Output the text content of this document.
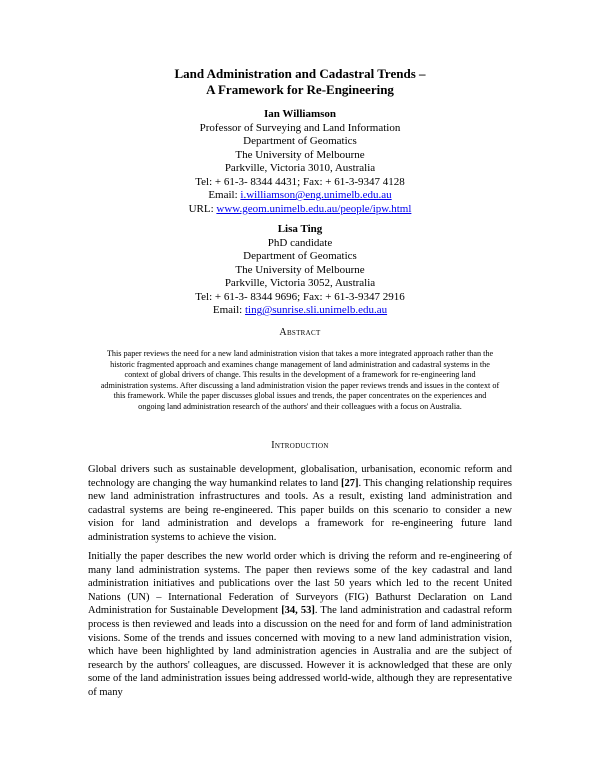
Land Administration and Cadastral Trends –
A Framework for Re-Engineering
Ian Williamson
Professor of Surveying and Land Information
Department of Geomatics
The University of Melbourne
Parkville, Victoria 3010, Australia
Tel: + 61-3- 8344 4431; Fax: + 61-3-9347 4128
Email: i.williamson@eng.unimelb.edu.au
URL: www.geom.unimelb.edu.au/people/ipw.html
Lisa Ting
PhD candidate
Department of Geomatics
The University of Melbourne
Parkville, Victoria 3052, Australia
Tel: + 61-3- 8344 9696; Fax: + 61-3-9347 2916
Email: ting@sunrise.sli.unimelb.edu.au
Abstract
This paper reviews the need for a new land administration vision that takes a more integrated approach rather than the historic fragmented approach and examines change management of land administration and cadastral systems in the context of global drivers of change. This results in the development of a framework for re-engineering land administration systems. After discussing a land administration vision the paper reviews trends and issues in the context of this framework. While the paper discusses global issues and trends, the paper concentrates on the experiences and ongoing land administration research of the authors' and their colleagues with a focus on Australia.
Introduction
Global drivers such as sustainable development, globalisation, urbanisation, economic reform and technology are changing the way humankind relates to land [27]. This changing relationship requires new land administration infrastructures and tools. As a result, existing land administration and cadastral systems are being re-engineered. This paper builds on this scenario to consider a new vision for land administration and develops a framework for re-engineering future land administration systems to achieve the vision.
Initially the paper describes the new world order which is driving the reform and re-engineering of many land administration systems. The paper then reviews some of the key cadastral and land administration initiatives and publications over the last 50 years which led to the recent United Nations (UN) – International Federation of Surveyors (FIG) Bathurst Declaration on Land Administration for Sustainable Development [34, 53]. The land administration and cadastral reform process is then reviewed and leads into a discussion on the need for and form of land administration visions. Some of the trends and issues concerned with moving to a new land administration vision, which have been highlighted by land administration agencies in Australia and are the subject of research by the authors' colleagues, are discussed. However it is acknowledged that these are only some of the land administration issues being addressed world-wide, although they are representative of many
